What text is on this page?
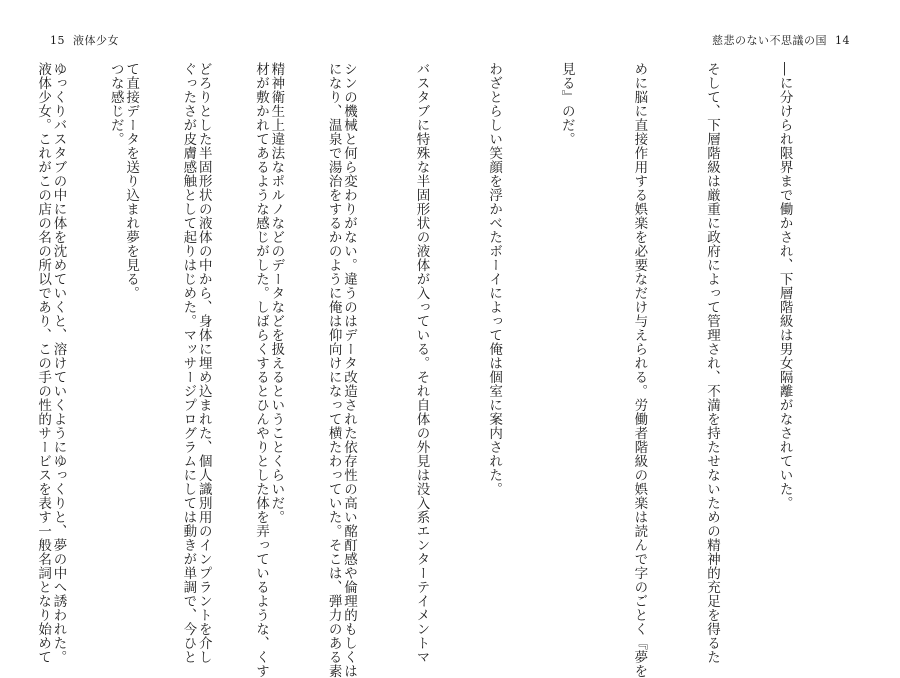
15 液体少女

になり、温泉で湯治をするかのように俺は仰向けになって横たわっていた。そこは、弾力のある素

材が敷かれてあるような感じがした。しばらくするとひんやりとした体を弄っているような、くす

ぐったさが皮膚感触として起りはじめた。マッサージプログラムにしては動きが単調で、今ひと

つな感じだ。

液体少女。これがこの店の名の所以であり、この手の性的サービスを表す一般名詞となり始めて

慈悲のない不思議の国 14

―に分けられ限界まで働かされ、下層階級は男女隔離がなされていた。

そして、下層階級は厳重に政府によって管理され、不満を持たせないための精神的充足を得るた

めに脳に直接作用する娯楽を必要なだけ与えられる。労働者階級の娯楽は読んで字のごとく『夢を

見る』のだ。

わざとらしい笑顔を浮かべたボーイによって俺は個室に案内された。

バスタブに特殊な半固形状の液体が入っている。それ自体の外見は没入系エンターテイメントマ

シンの機械と何ら変わりがない。違うのはデータ改造された依存性の高い酩酊感や倫理的もしくは

精神衛生上違法なポルノなどのデータなどを扱えるということくらいだ。

どろりとした半固形状の液体の中から、身体に埋め込まれた、個人識別用のインプラントを介し

て直接データを送り込まれ夢を見る。

ゆっくりバスタブの中に体を沈めていくと、溶けていくようにゆっくりと、夢の中へ誘われた。
